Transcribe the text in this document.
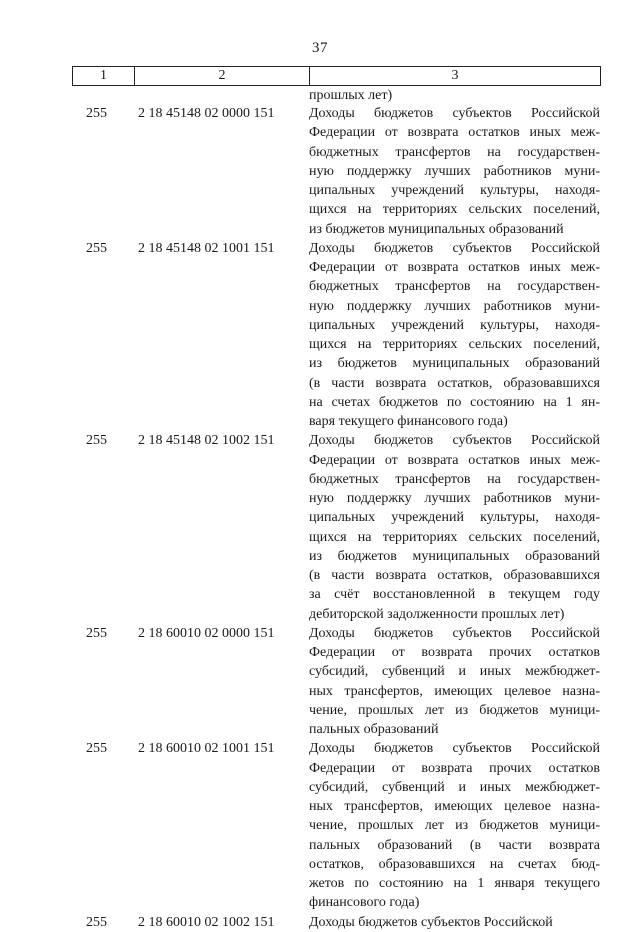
37
1	2	3
прошлых лет)
255	2 18 45148 02 0000 151	Доходы бюджетов субъектов Российской
Федерации от возврата остатков иных меж-
бюджетных трансфертов на государствен-
ную поддержку лучших работников муни-
ципальных учреждений культуры, находя-
щихся на территориях сельских поселений,
из бюджетов муниципальных образований
255	2 18 45148 02 1001 151	Доходы бюджетов субъектов Российской
Федерации от возврата остатков иных меж-
бюджетных трансфертов на государствен-
ную поддержку лучших работников муни-
ципальных учреждений культуры, находя-
щихся на территориях сельских поселений,
из бюджетов муниципальных образований
(в части возврата остатков, образовавшихся
на счетах бюджетов по состоянию на 1 ян-
варя текущего финансового года)
255	2 18 45148 02 1002 151	Доходы бюджетов субъектов Российской
Федерации от возврата остатков иных меж-
бюджетных трансфертов на государствен-
ную поддержку лучших работников муни-
ципальных учреждений культуры, находя-
щихся на территориях сельских поселений,
из бюджетов муниципальных образований
(в части возврата остатков, образовавшихся
за счёт восстановленной в текущем году
дебиторской задолженности прошлых лет)
255	2 18 60010 02 0000 151	Доходы бюджетов субъектов Российской
Федерации от возврата прочих остатков
субсидий, субвенций и иных межбюджет-
ных трансфертов, имеющих целевое назна-
чение, прошлых лет из бюджетов муници-
пальных образований
255	2 18 60010 02 1001 151	Доходы бюджетов субъектов Российской
Федерации от возврата прочих остатков
субсидий, субвенций и иных межбюджет-
ных трансфертов, имеющих целевое назна-
чение, прошлых лет из бюджетов муници-
пальных образований (в части возврата
остатков, образовавшихся на счетах бюд-
жетов по состоянию на 1 января текущего
финансового года)
255	2 18 60010 02 1002 151	Доходы бюджетов субъектов Российской
